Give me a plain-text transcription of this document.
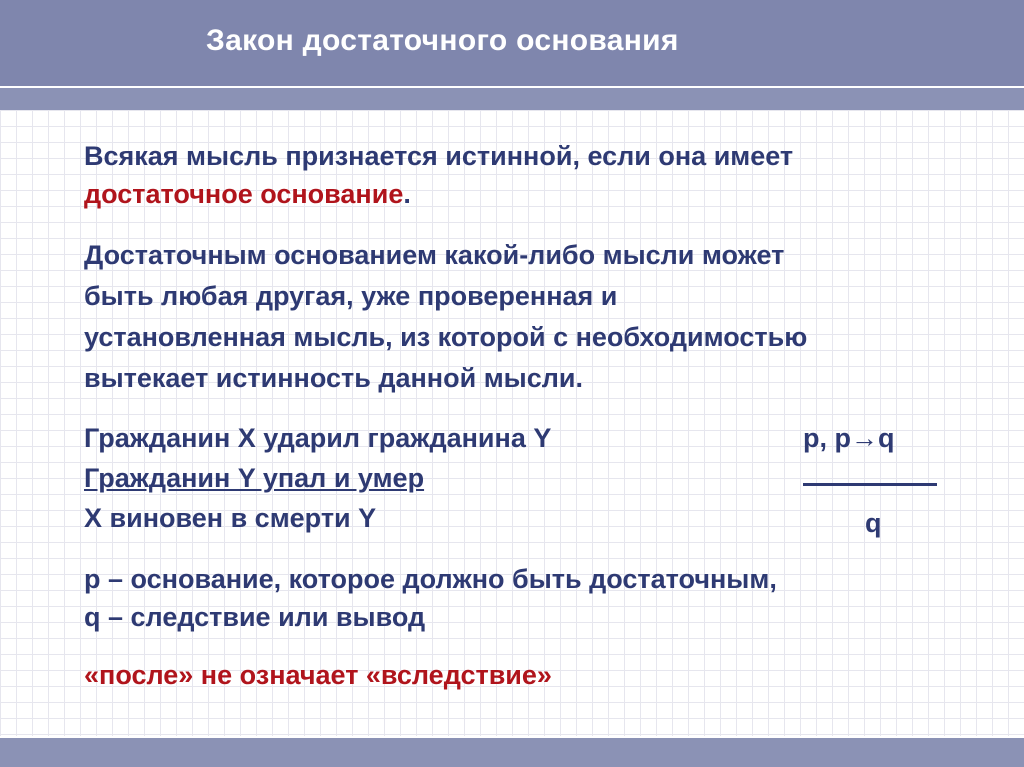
Закон достаточного основания
Всякая мысль признается истинной, если она имеет
достаточное основание.
Достаточным основанием какой-либо мысли может
быть любая другая, уже проверенная и
установленная мысль, из которой с необходимостью
вытекает истинность данной мысли.
Гражданин X ударил гражданина Y
Гражданин Y упал и умер
X виновен в смерти Y
p, p→q
q
p – основание, которое должно быть достаточным,
q – следствие или вывод
«после» не означает «вследствие»
